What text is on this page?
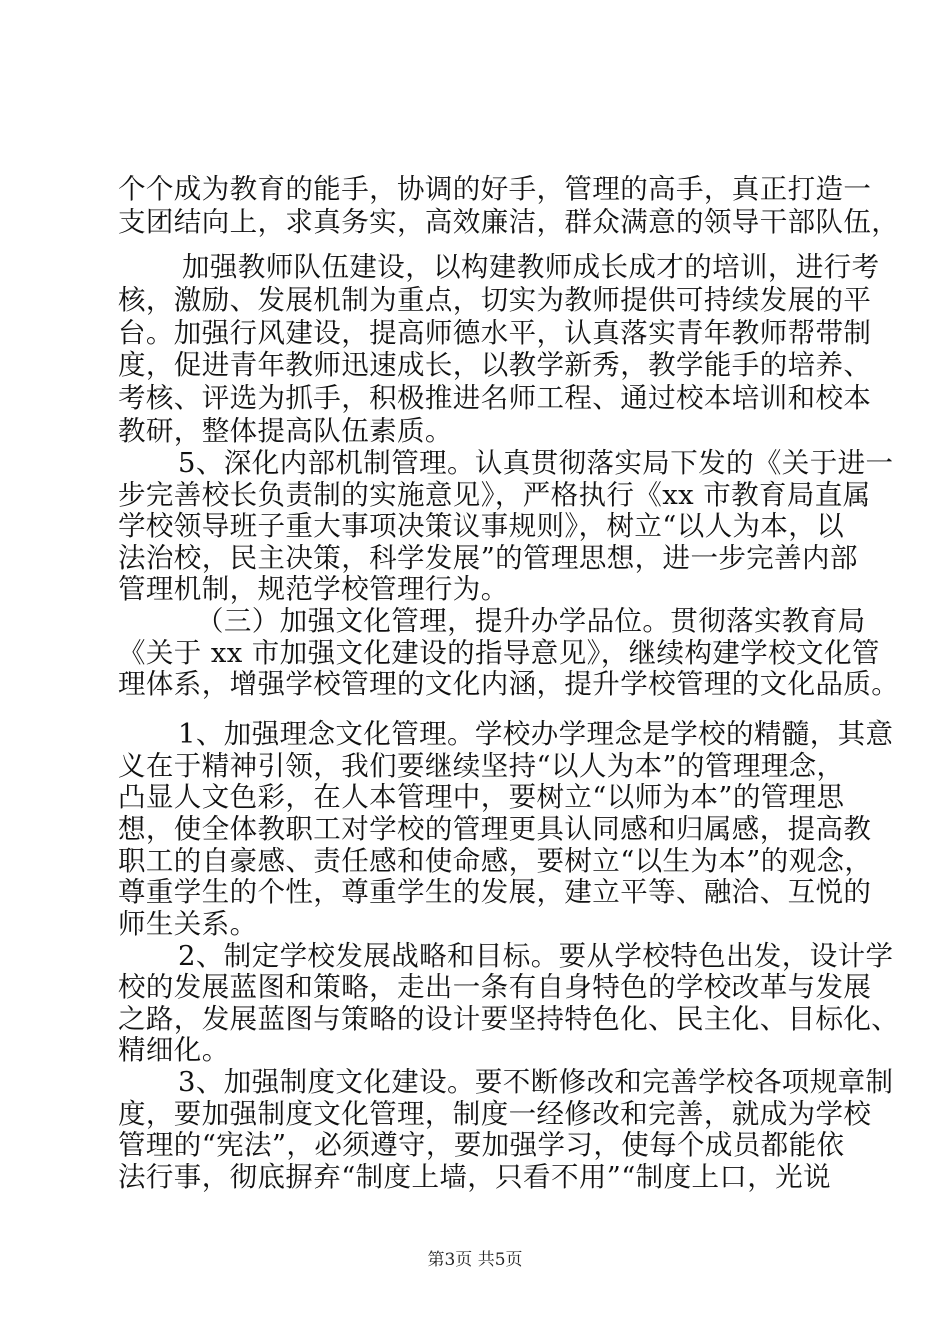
个个成为教育的能手，协调的好手，管理的高手，真正打造一
支团结向上，求真务实，高效廉洁，群众满意的领导干部队伍，
加强教师队伍建设，以构建教师成长成才的培训，进行考
核，激励、发展机制为重点，切实为教师提供可持续发展的平
台。加强行风建设，提高师德水平，认真落实青年教师帮带制
度，促进青年教师迅速成长，以教学新秀，教学能手的培养、
考核、评选为抓手，积极推进名师工程、通过校本培训和校本
教研，整体提高队伍素质。
5、深化内部机制管理。认真贯彻落实局下发的《关于进一
步完善校长负责制的实施意见》，严格执行《xx 市教育局直属
学校领导班子重大事项决策议事规则》，树立“以人为本，以
法治校，民主决策，科学发展”的管理思想，进一步完善内部
管理机制，规范学校管理行为。
（三）加强文化管理，提升办学品位。贯彻落实教育局
《关于 xx 市加强文化建设的指导意见》，继续构建学校文化管
理体系，增强学校管理的文化内涵，提升学校管理的文化品质。
1、加强理念文化管理。学校办学理念是学校的精髓，其意
义在于精神引领，我们要继续坚持“以人为本”的管理理念，
凸显人文色彩，在人本管理中，要树立“以师为本”的管理思
想，使全体教职工对学校的管理更具认同感和归属感，提高教
职工的自豪感、责任感和使命感，要树立“以生为本”的观念，
尊重学生的个性，尊重学生的发展，建立平等、融洽、互悦的
师生关系。
2、制定学校发展战略和目标。要从学校特色出发，设计学
校的发展蓝图和策略，走出一条有自身特色的学校改革与发展
之路，发展蓝图与策略的设计要坚持特色化、民主化、目标化、
精细化。
3、加强制度文化建设。要不断修改和完善学校各项规章制
度，要加强制度文化管理，制度一经修改和完善，就成为学校
管理的“宪法”，必须遵守，要加强学习，使每个成员都能依
法行事，彻底摒弃“制度上墙，只看不用”“制度上口，光说
第3页 共5页
